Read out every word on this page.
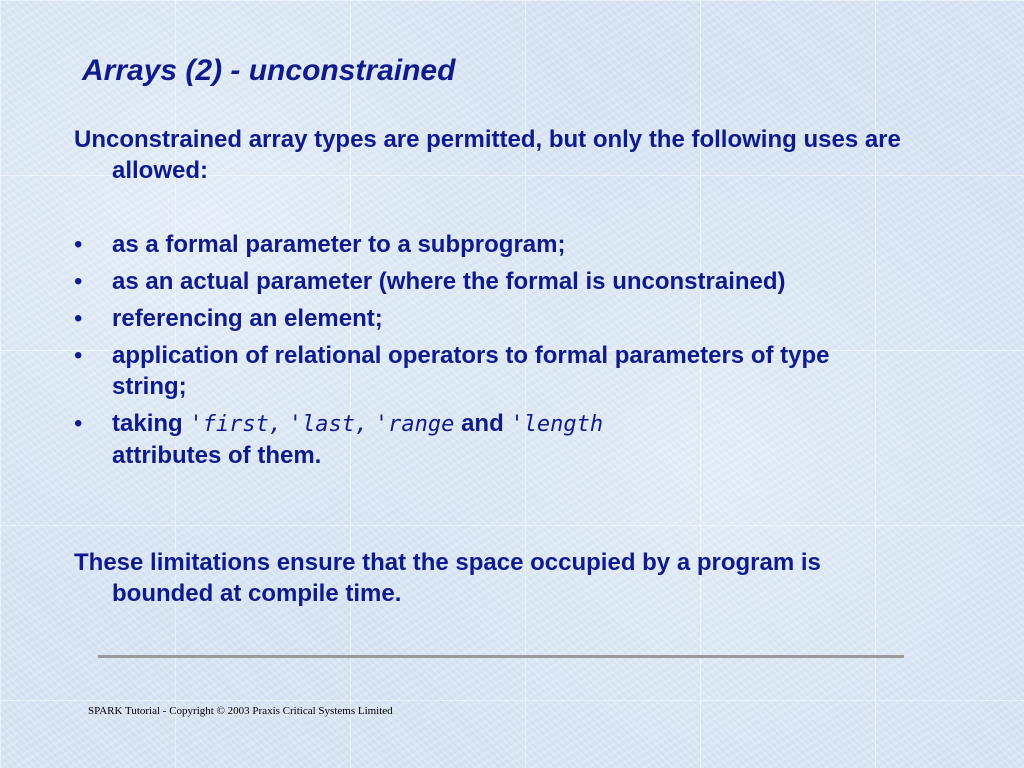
Arrays (2) - unconstrained

Unconstrained array types are permitted, but only the following uses are allowed:

•	as a formal parameter to a subprogram;
•	as an actual parameter (where the formal is unconstrained)
•	referencing an element;
•	application of relational operators to formal parameters of type string;
•	taking 'first, 'last, 'range and 'length
attributes of them.

These limitations ensure that the space occupied by a program is bounded at compile time.

SPARK Tutorial - Copyright © 2003 Praxis Critical Systems Limited
